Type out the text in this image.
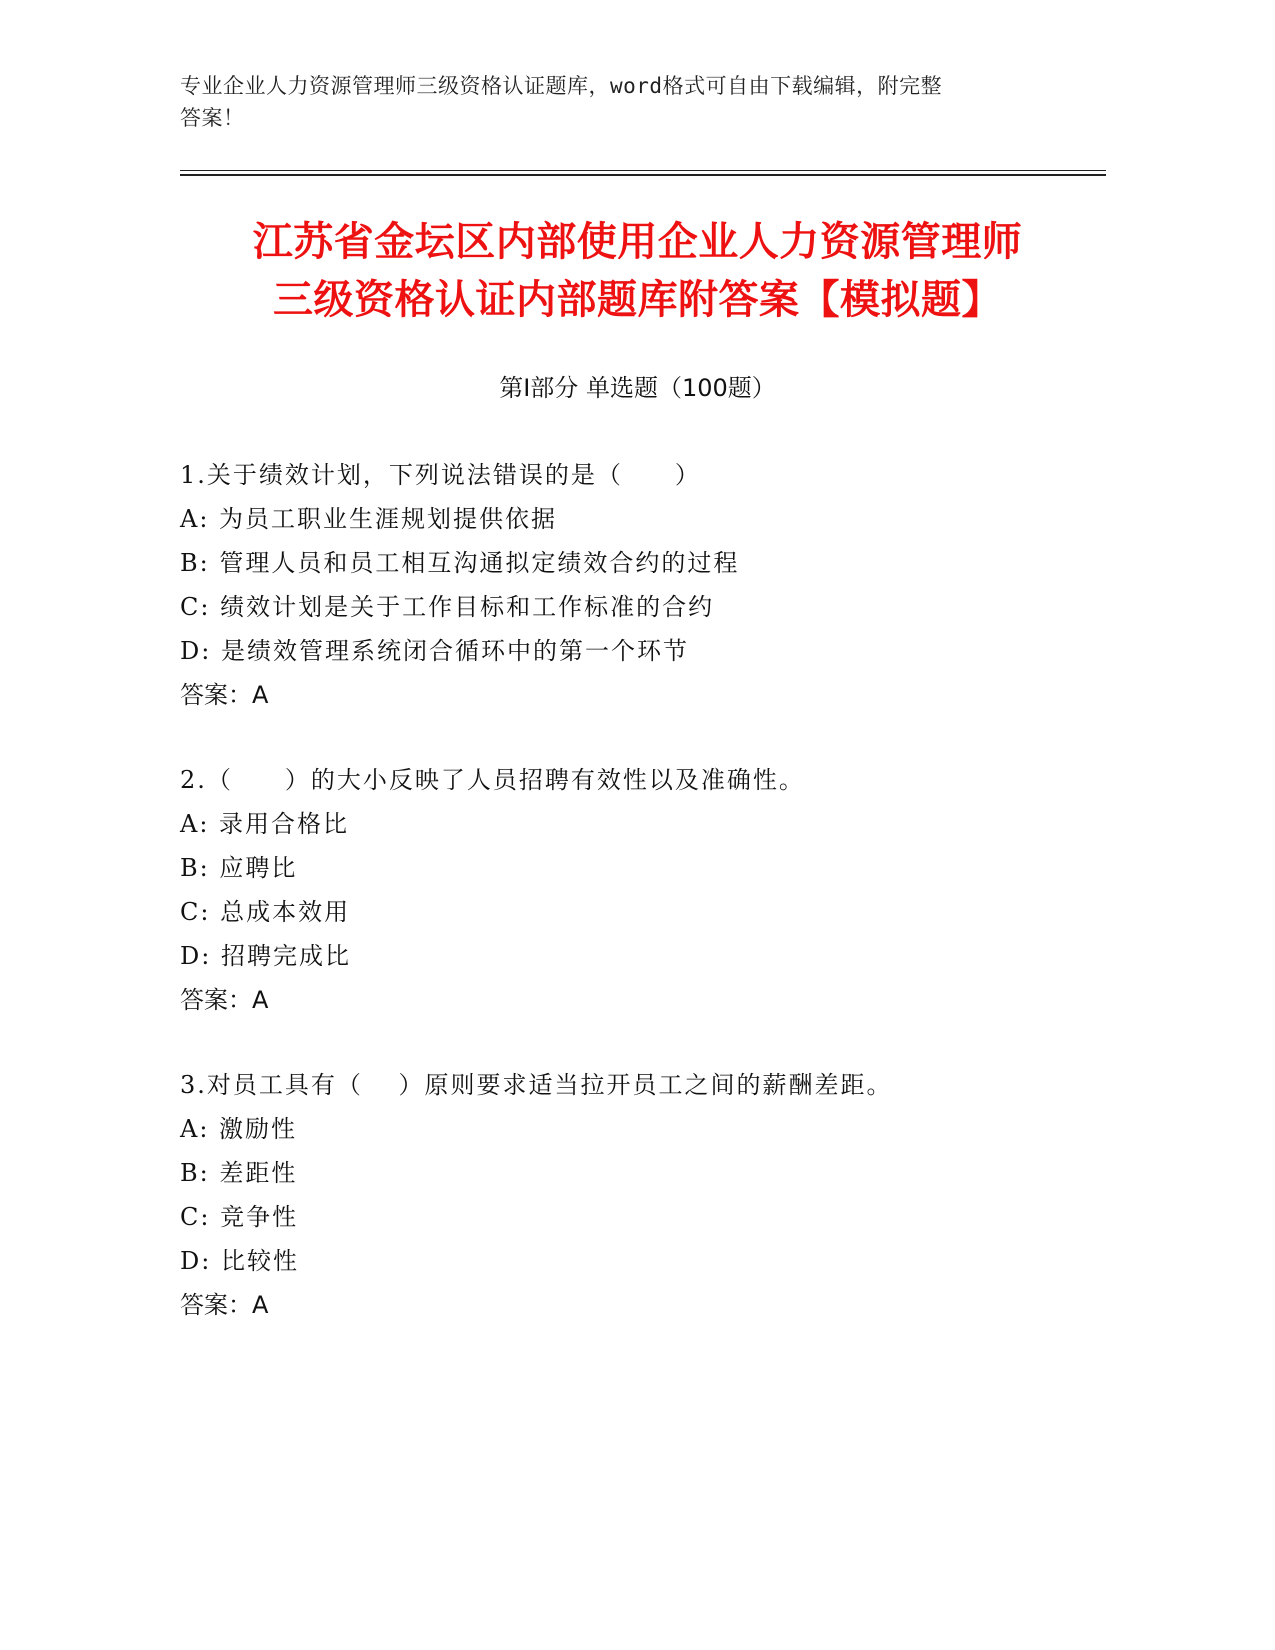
专业企业人力资源管理师三级资格认证题库，word格式可自由下载编辑，附完整
答案！
江苏省金坛区内部使用企业人力资源管理师
三级资格认证内部题库附答案【模拟题】
第Ⅰ部分 单选题（100题）
1.关于绩效计划，下列说法错误的是（　　）
A: 为员工职业生涯规划提供依据
B: 管理人员和员工相互沟通拟定绩效合约的过程
C: 绩效计划是关于工作目标和工作标准的合约
D: 是绩效管理系统闭合循环中的第一个环节
答案：A
2.（　　）的大小反映了人员招聘有效性以及准确性。
A: 录用合格比
B: 应聘比
C: 总成本效用
D: 招聘完成比
答案：A
3.对员工具有（　 ）原则要求适当拉开员工之间的薪酬差距。
A: 激励性
B: 差距性
C: 竞争性
D: 比较性
答案：A
